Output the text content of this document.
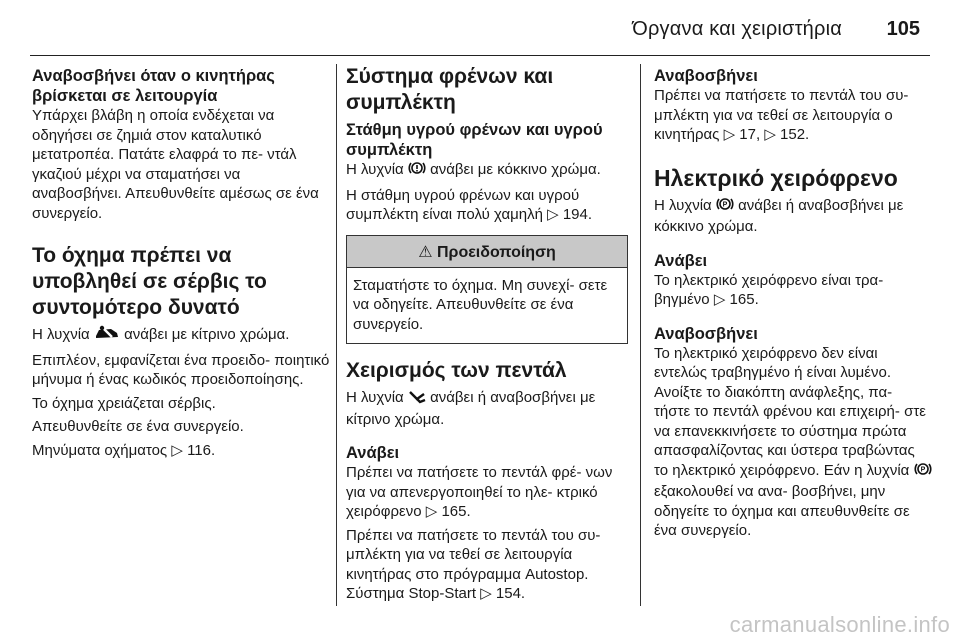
Όργανα και χειριστήρια 105

Αναβοσβήνει όταν ο κινητήρας βρίσκεται σε λειτουργία

Υπάρχει βλάβη η οποία ενδέχεται να οδηγήσει σε ζημιά στον καταλυτικό μετατροπέα. Πατάτε ελαφρά το πε‐ ντάλ γκαζιού μέχρι να σταματήσει να αναβοσβήνει. Απευθυνθείτε αμέσως σε ένα συνεργείο.

Το όχημα πρέπει να υποβληθεί σε σέρβις το συντομότερο δυνατό

Η λυχνία ανάβει με κίτρινο χρώμα.

Επιπλέον, εμφανίζεται ένα προειδο‐ ποιητικό μήνυμα ή ένας κωδικός προειδοποίησης.

Το όχημα χρειάζεται σέρβις.

Απευθυνθείτε σε ένα συνεργείο.

Μηνύματα οχήματος ▷ 116.

Σύστημα φρένων και συμπλέκτη

Στάθμη υγρού φρένων και υγρού συμπλέκτη

Η λυχνία ανάβει με κόκκινο χρώμα.

Η στάθμη υγρού φρένων και υγρού συμπλέκτη είναι πολύ χαμηλή ▷ 194.

⚠ Προειδοποίηση
Σταματήστε το όχημα. Μη συνεχί‐ σετε να οδηγείτε. Απευθυνθείτε σε ένα συνεργείο.

Χειρισμός των πεντάλ

Η λυχνία ανάβει ή αναβοσβήνει με κίτρινο χρώμα.

Ανάβει

Πρέπει να πατήσετε το πεντάλ φρέ‐ νων για να απενεργοποιηθεί το ηλε‐ κτρικό χειρόφρενο ▷ 165.

Πρέπει να πατήσετε το πεντάλ του συ‐ μπλέκτη για να τεθεί σε λειτουργία κινητήρας στο πρόγραμμα Autostop. Σύστημα Stop-Start ▷ 154.

Αναβοσβήνει

Πρέπει να πατήσετε το πεντάλ του συ‐ μπλέκτη για να τεθεί σε λειτουργία ο κινητήρας ▷ 17, ▷ 152.

Ηλεκτρικό χειρόφρενο

Η λυχνία P ανάβει ή αναβοσβήνει με κόκκινο χρώμα.

Ανάβει

Το ηλεκτρικό χειρόφρενο είναι τρα‐ βηγμένο ▷ 165.

Αναβοσβήνει

Το ηλεκτρικό χειρόφρενο δεν είναι εντελώς τραβηγμένο ή είναι λυμένο. Ανοίξτε το διακόπτη ανάφλεξης, πα‐ τήστε το πεντάλ φρένου και επιχειρή‐ στε να επανεκκινήσετε το σύστημα πρώτα απασφαλίζοντας και ύστερα τραβώντας το ηλεκτρικό χειρόφρενο. Εάν η λυχνία P
εξακολουθεί να ανα‐ βοσβήνει, μην οδηγείτε το όχημα και απευθυνθείτε σε ένα συνεργείο.

carmanualsonline.info
